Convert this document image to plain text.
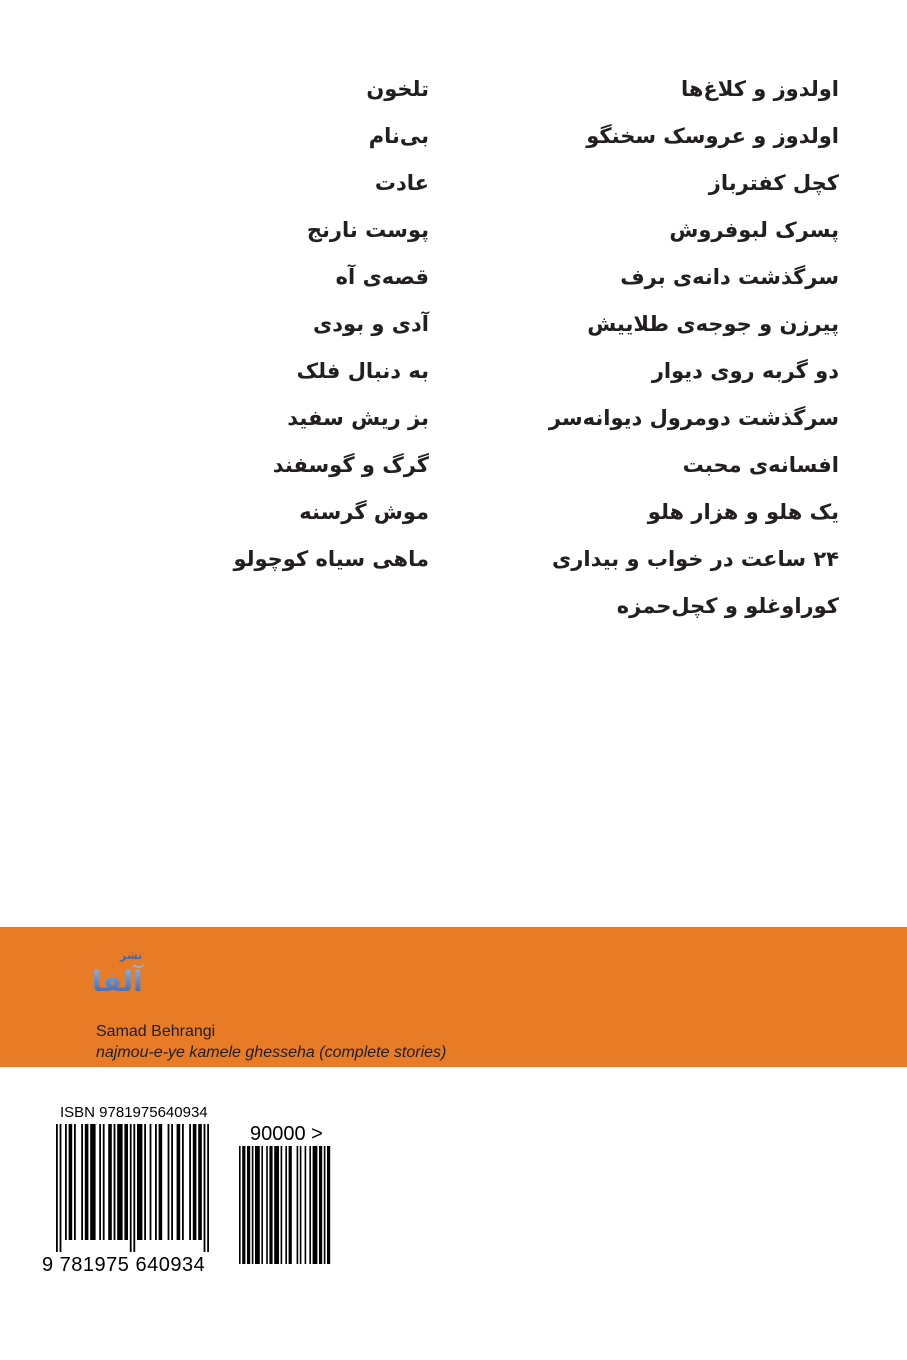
اولدوز و کلاغ‌ها
اولدوز و عروسک سخنگو
کچل کفترباز
پسرک لبوفروش
سرگذشت دانه‌ی برف
پیرزن و جوجه‌ی طلاییش
دو گربه روی دیوار
سرگذشت دومرول دیوانه‌سر
افسانه‌ی محبت
یک هلو و هزار هلو
۲۴ ساعت در خواب و بیداری
کوراوغلو و کچل‌حمزه
تلخون
بی‌نام
عادت
پوست نارنج
قصه‌ی آه
آدی و بودی
به دنبال فلک
بز ریش سفید
گرگ و گوسفند
موش گرسنه
ماهی سیاه کوچولو
نشر
آلفا
Samad Behrangi
najmou-e-ye kamele ghesseha (complete stories)
ISBN 9781975640934
90000 >
9 781975 640934
